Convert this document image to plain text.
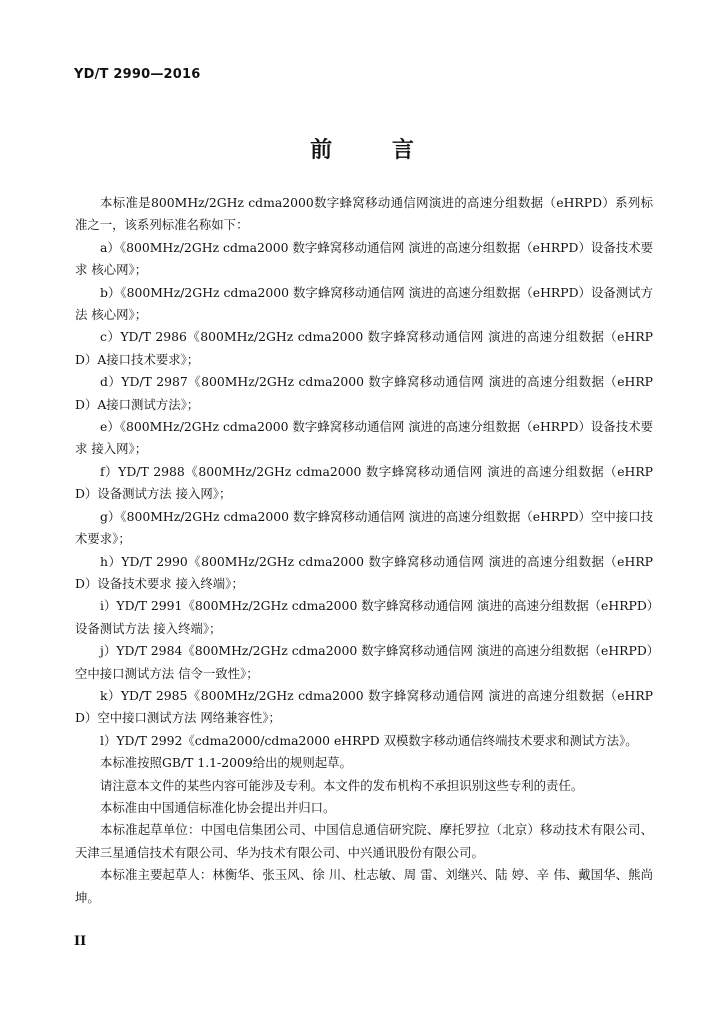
YD/T 2990—2016
前 言

本标准是800MHz/2GHz cdma2000数字蜂窝移动通信网演进的高速分组数据（eHRPD）系列标准之一，该系列标准名称如下：

a）《800MHz/2GHz cdma2000 数字蜂窝移动通信网 演进的高速分组数据（eHRPD）设备技术要求 核心网》；

b）《800MHz/2GHz cdma2000 数字蜂窝移动通信网 演进的高速分组数据（eHRPD）设备测试方法 核心网》；

c）YD/T 2986《800MHz/2GHz cdma2000 数字蜂窝移动通信网 演进的高速分组数据（eHRPD）A接口技术要求》；

d）YD/T 2987《800MHz/2GHz cdma2000 数字蜂窝移动通信网 演进的高速分组数据（eHRPD）A接口测试方法》；

e）《800MHz/2GHz cdma2000 数字蜂窝移动通信网 演进的高速分组数据（eHRPD）设备技术要求 接入网》；

f）YD/T 2988《800MHz/2GHz cdma2000 数字蜂窝移动通信网 演进的高速分组数据（eHRPD）设备测试方法 接入网》；

g）《800MHz/2GHz cdma2000 数字蜂窝移动通信网 演进的高速分组数据（eHRPD）空中接口技术要求》；

h）YD/T 2990《800MHz/2GHz cdma2000 数字蜂窝移动通信网 演进的高速分组数据（eHRPD）设备技术要求 接入终端》；

i）YD/T 2991《800MHz/2GHz cdma2000 数字蜂窝移动通信网 演进的高速分组数据（eHRPD）设备测试方法 接入终端》；

j）YD/T 2984《800MHz/2GHz cdma2000 数字蜂窝移动通信网 演进的高速分组数据（eHRPD）空中接口测试方法 信令一致性》；

k）YD/T 2985《800MHz/2GHz cdma2000 数字蜂窝移动通信网 演进的高速分组数据（eHRPD）空中接口测试方法 网络兼容性》；

l）YD/T 2992《cdma2000/cdma2000 eHRPD 双模数字移动通信终端技术要求和测试方法》。

本标准按照GB/T 1.1-2009给出的规则起草。

请注意本文件的某些内容可能涉及专利。本文件的发布机构不承担识别这些专利的责任。

本标准由中国通信标准化协会提出并归口。

本标准起草单位：中国电信集团公司、中国信息通信研究院、摩托罗拉（北京）移动技术有限公司、天津三星通信技术有限公司、华为技术有限公司、中兴通讯股份有限公司。

本标准主要起草人：林衡华、张玉风、徐 川、杜志敏、周 雷、刘继兴、陆 婷、辛 伟、戴国华、熊尚坤。

II
